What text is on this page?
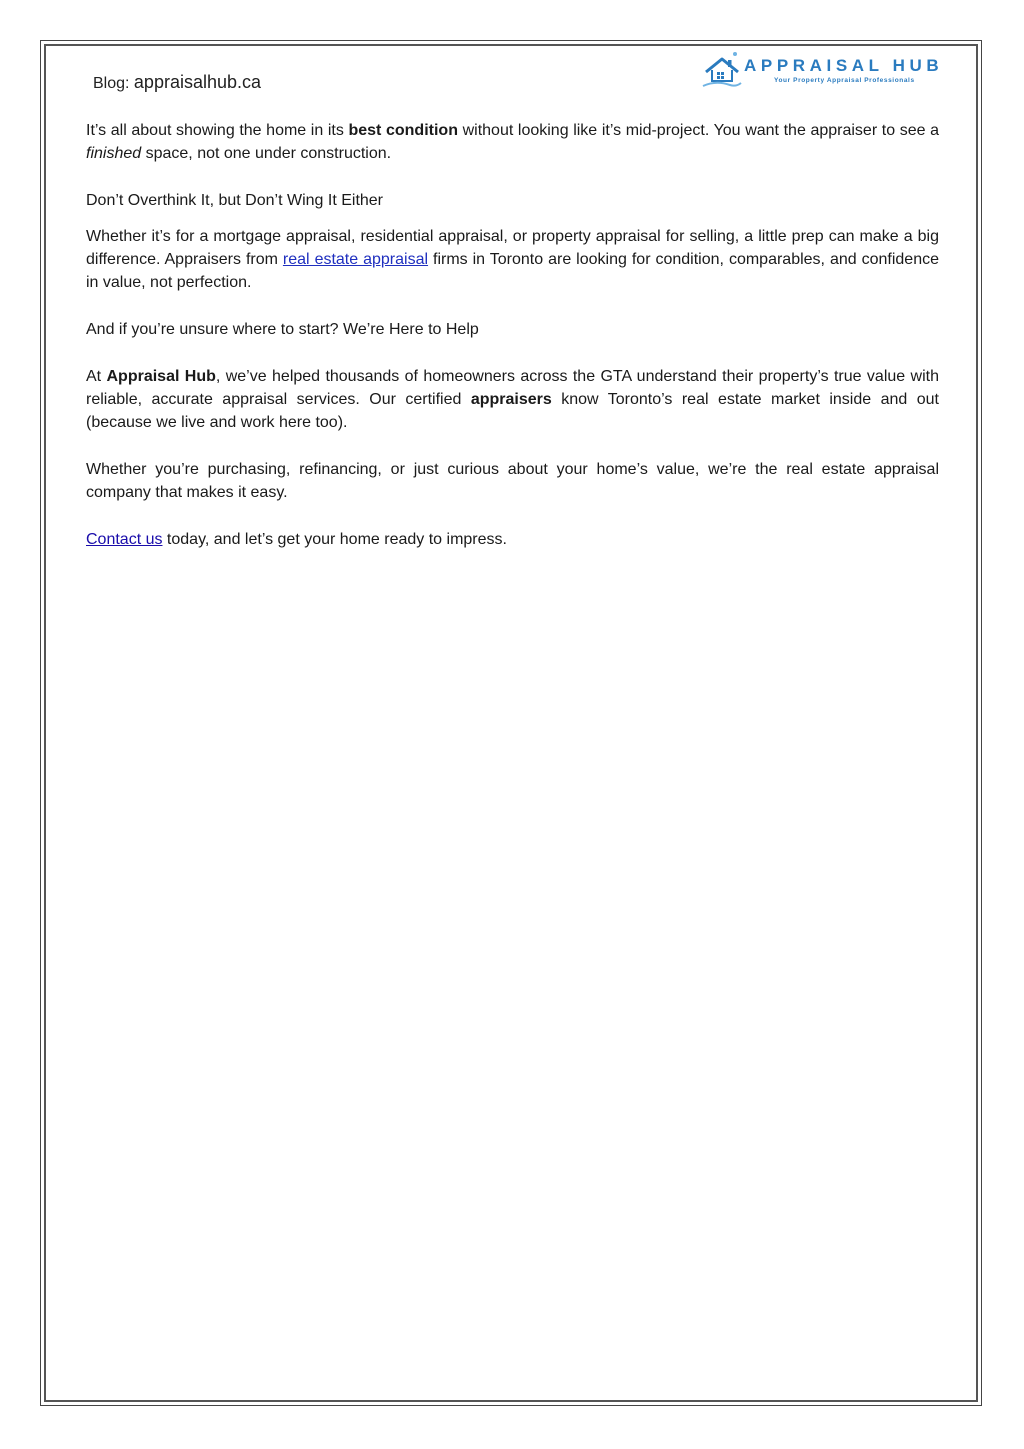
Blog: appraisalhub.ca
APPRAISAL HUB
Your Property Appraisal Professionals

It’s all about showing the home in its best condition without looking like it’s mid-project. You want the appraiser to see a finished space, not one under construction.

Don’t Overthink It, but Don’t Wing It Either

Whether it’s for a mortgage appraisal, residential appraisal, or property appraisal for selling, a little prep can make a big difference. Appraisers from real estate appraisal firms in Toronto are looking for condition, comparables, and confidence in value, not perfection.

And if you’re unsure where to start? We’re Here to Help

At Appraisal Hub, we’ve helped thousands of homeowners across the GTA understand their property’s true value with reliable, accurate appraisal services. Our certified appraisers know Toronto’s real estate market inside and out (because we live and work here too).

Whether you’re purchasing, refinancing, or just curious about your home’s value, we’re the real estate appraisal company that makes it easy.

Contact us today, and let’s get your home ready to impress.
